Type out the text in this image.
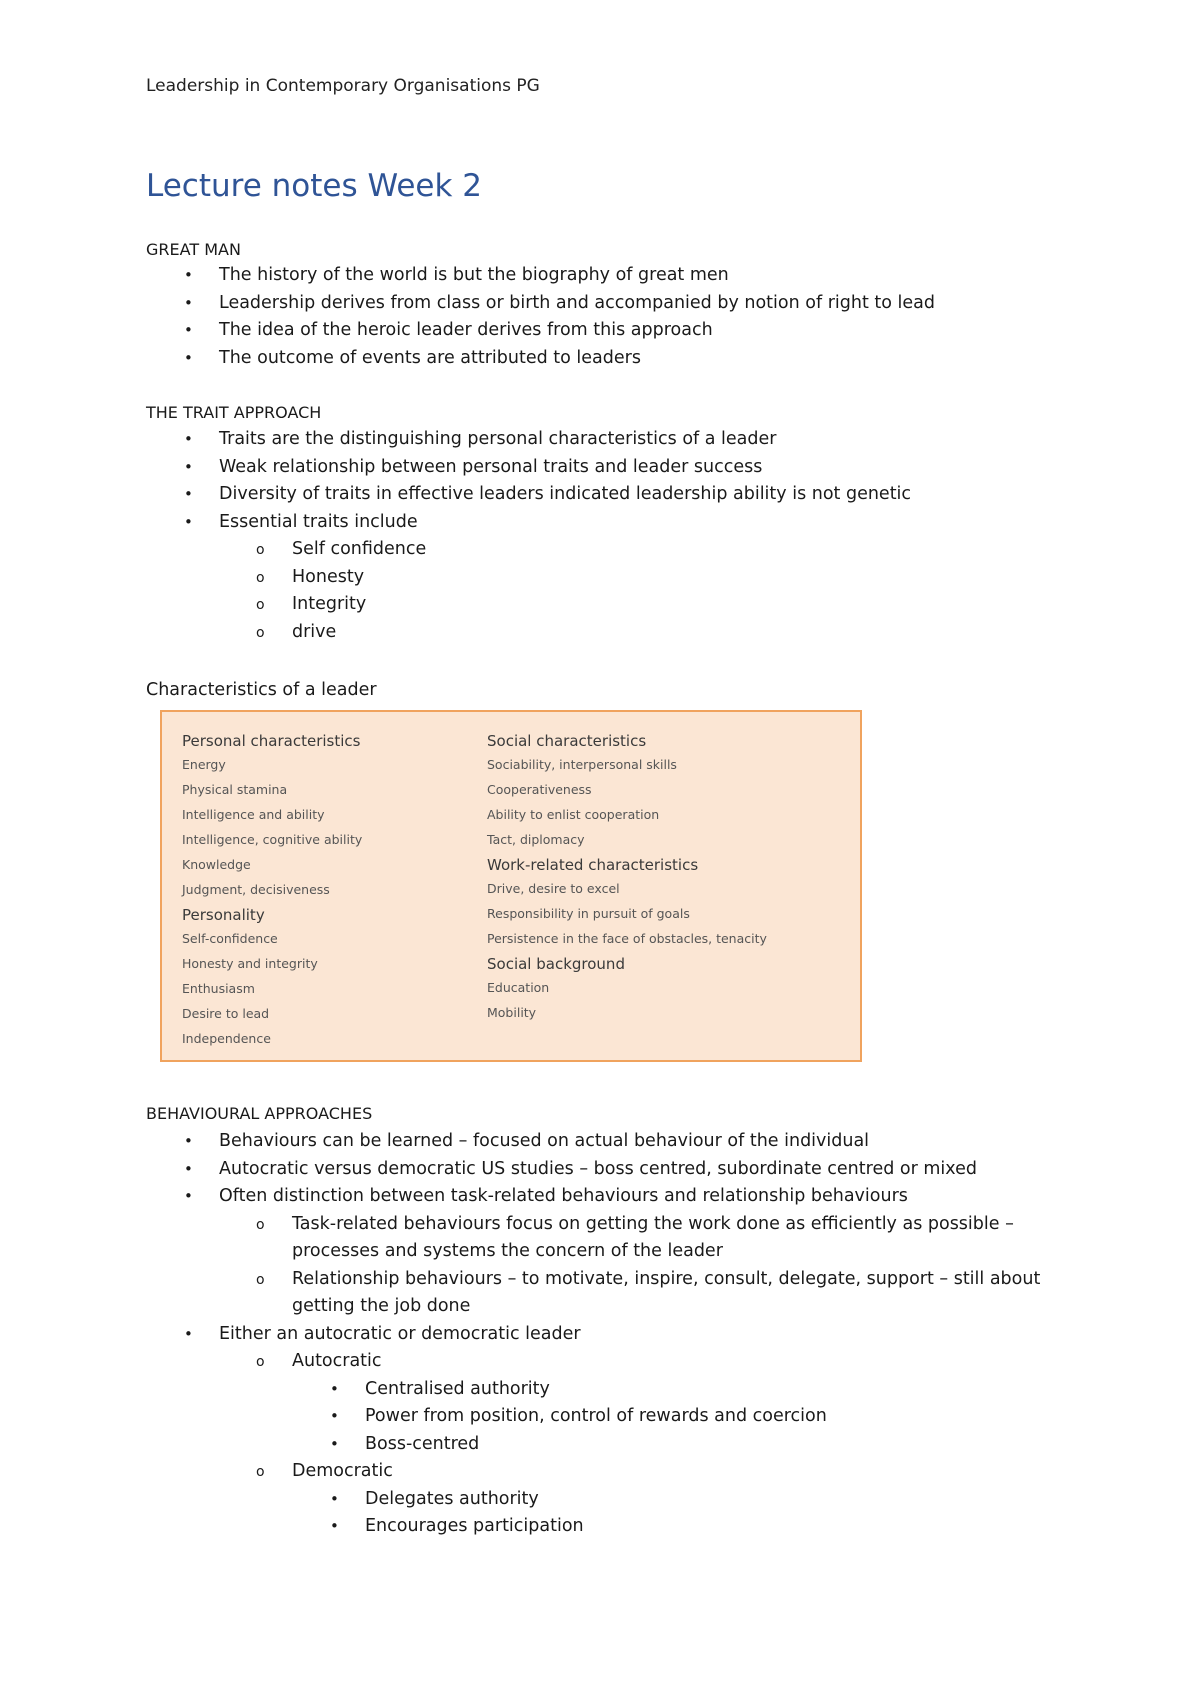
Leadership in Contemporary Organisations PG
Lecture notes Week 2
GREAT MAN
• The history of the world is but the biography of great men
• Leadership derives from class or birth and accompanied by notion of right to lead
• The idea of the heroic leader derives from this approach
• The outcome of events are attributed to leaders
THE TRAIT APPROACH
• Traits are the distinguishing personal characteristics of a leader
• Weak relationship between personal traits and leader success
• Diversity of traits in effective leaders indicated leadership ability is not genetic
• Essential traits include
o Self confidence
o Honesty
o Integrity
o drive
Characteristics of a leader
Personal characteristics
Energy
Physical stamina
Intelligence and ability
Intelligence, cognitive ability
Knowledge
Judgment, decisiveness
Personality
Self-confidence
Honesty and integrity
Enthusiasm
Desire to lead
Independence
Social characteristics
Sociability, interpersonal skills
Cooperativeness
Ability to enlist cooperation
Tact, diplomacy
Work-related characteristics
Drive, desire to excel
Responsibility in pursuit of goals
Persistence in the face of obstacles, tenacity
Social background
Education
Mobility
BEHAVIOURAL APPROACHES
• Behaviours can be learned – focused on actual behaviour of the individual
• Autocratic versus democratic US studies – boss centred, subordinate centred or mixed
• Often distinction between task-related behaviours and relationship behaviours
o Task-related behaviours focus on getting the work done as efficiently as possible – processes and systems the concern of the leader
o Relationship behaviours – to motivate, inspire, consult, delegate, support – still about getting the job done
• Either an autocratic or democratic leader
o Autocratic
• Centralised authority
• Power from position, control of rewards and coercion
• Boss-centred
o Democratic
• Delegates authority
• Encourages participation
